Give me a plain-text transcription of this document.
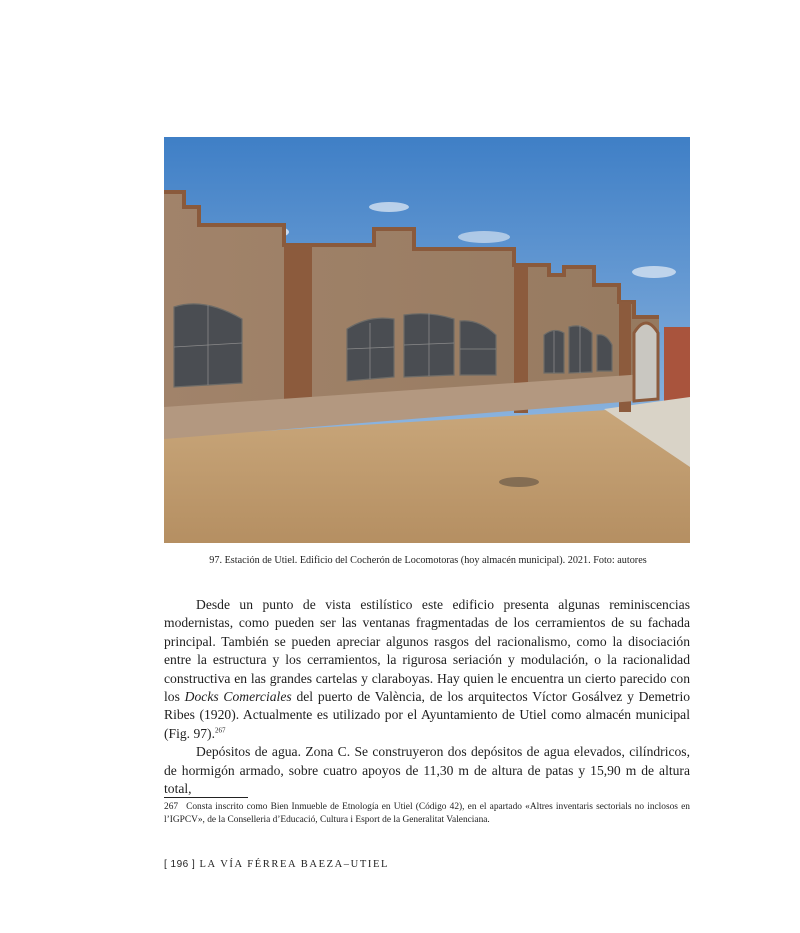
97. Estación de Utiel. Edificio del Cocherón de Locomotoras (hoy almacén municipal). 2021. Foto: autores

Desde un punto de vista estilístico este edificio presenta algunas reminiscencias modernistas, como pueden ser las ventanas fragmentadas de los cerramientos de su fachada principal. También se pueden apreciar algunos rasgos del racionalismo, como la disociación entre la estructura y los cerramientos, la rigurosa seriación y modulación, o la racionalidad constructiva en las grandes cartelas y claraboyas. Hay quien le encuentra un cierto parecido con los Docks Comerciales del puerto de València, de los arquitectos Víctor Gosálvez y Demetrio Ribes (1920). Actualmente es utilizado por el Ayuntamiento de Utiel como almacén municipal (Fig. 97).$^{267}$

Depósitos de agua. Zona C. Se construyeron dos depósitos de agua elevados, cilíndricos, de hormigón armado, sobre cuatro apoyos de 11,30 m de altura de patas y 15,90 m de altura total,

267 Consta inscrito como Bien Inmueble de Etnología en Utiel (Código 42), en el apartado «Altres inventaris sectorials no inclosos en l’IGPCV», de la Conselleria d’Educació, Cultura i Esport de la Generalitat Valenciana.
[ 196 ] LA VÍA FÉRREA BAEZA–UTIEL
